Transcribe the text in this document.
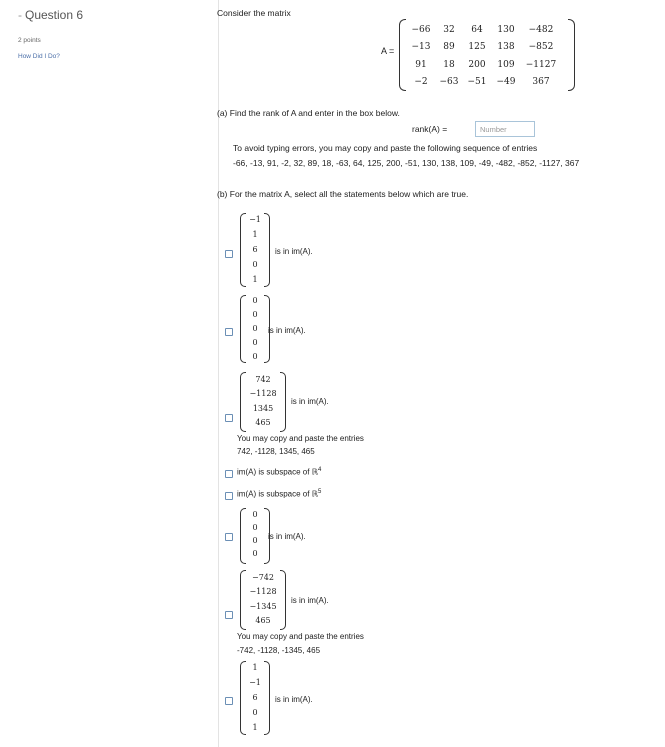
- Question 6
2 points
How Did I Do?
Consider the matrix
A =
−66	32	64	130	−482
−13	89	125	138	−852
91	18	200	109	−1127
−2	−63	−51	−49	367
(a) Find the rank of A and enter in the box below.
rank(A) =	Number
To avoid typing errors, you may copy and paste the following sequence of entries
-66, -13, 91, -2, 32, 89, 18, -63, 64, 125, 200, -51, 130, 138, 109, -49, -482, -852, -1127, 367
(b) For the matrix A, select all the statements below which are true.
−1
1
6
0
1
is in im(A).
0
0
0
0
0
is in im(A).
742
−1128
1345
465
is in im(A).
You may copy and paste the entries
742, -1128, 1345, 465
im(A) is subspace of ℝ$^4$
im(A) is subspace of ℝ$^5$
0
0
0
0
is in im(A).
−742
−1128
−1345
465
is in im(A).
You may copy and paste the entries
-742, -1128, -1345, 465
1
−1
6
0
1
is in im(A).
